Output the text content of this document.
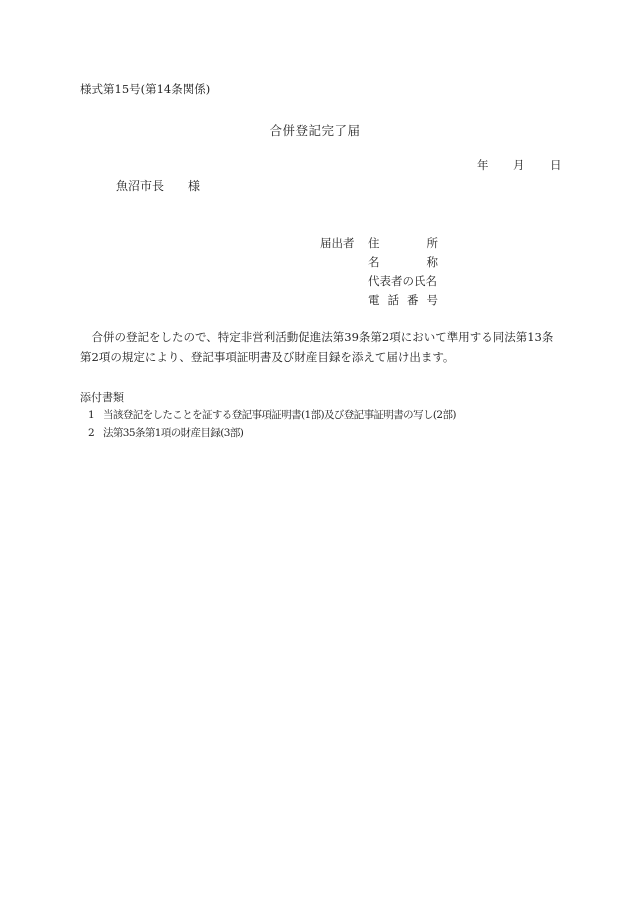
様式第15号(第14条関係)
合併登記完了届
年 月 日
魚沼市長 様
届出者 住	所
名	称
代表者の氏名
電 話 番 号
合併の登記をしたので、特定非営利活動促進法第39条第2項において準用する同法第13条第2項の規定により、登記事項証明書及び財産目録を添えて届け出ます。
添付書類
1 当該登記をしたことを証する登記事項証明書(1部)及び登記事証明書の写し(2部)
2 法第35条第1項の財産目録(3部)
